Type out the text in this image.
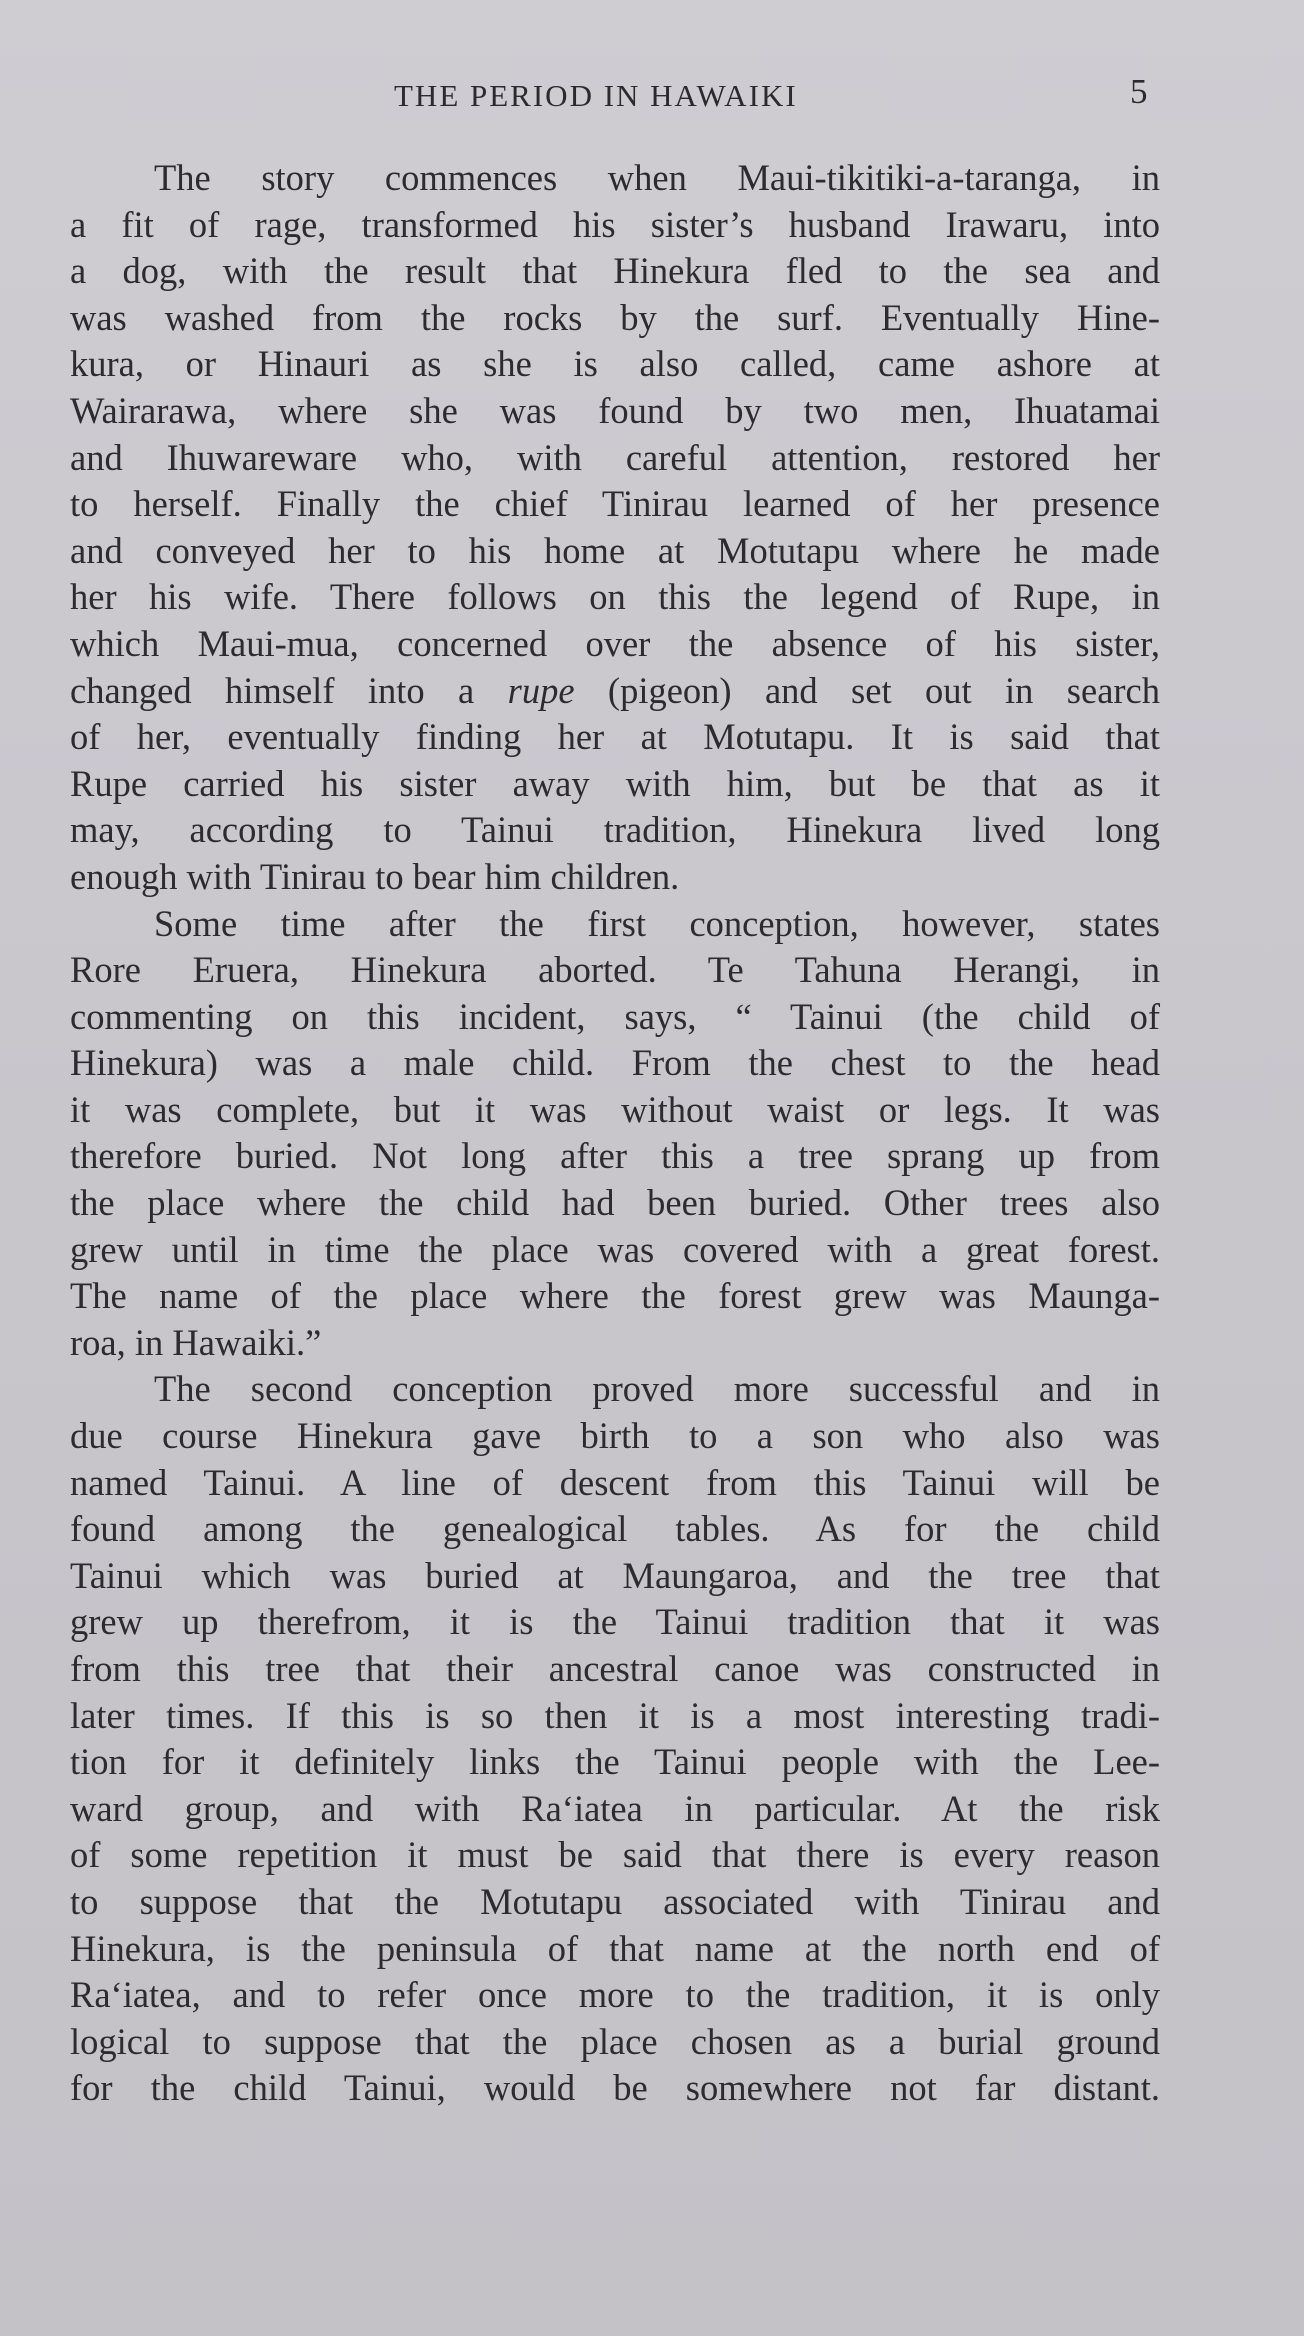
THE PERIOD IN HAWAIKI	5

The story commences when Maui-tikitiki-a-taranga, in
a fit of rage, transformed his sister’s husband Irawaru, into
a dog, with the result that Hinekura fled to the sea and
was washed from the rocks by the surf. Eventually Hine-
kura, or Hinauri as she is also called, came ashore at
Wairarawa, where she was found by two men, Ihuatamai
and Ihuwareware who, with careful attention, restored her
to herself. Finally the chief Tinirau learned of her presence
and conveyed her to his home at Motutapu where he made
her his wife. There follows on this the legend of Rupe, in
which Maui-mua, concerned over the absence of his sister,
changed himself into a rupe (pigeon) and set out in search
of her, eventually finding her at Motutapu. It is said that
Rupe carried his sister away with him, but be that as it
may, according to Tainui tradition, Hinekura lived long
enough with Tinirau to bear him children.

Some time after the first conception, however, states
Rore Eruera, Hinekura aborted. Te Tahuna Herangi, in
commenting on this incident, says, “ Tainui (the child of
Hinekura) was a male child. From the chest to the head
it was complete, but it was without waist or legs. It was
therefore buried. Not long after this a tree sprang up from
the place where the child had been buried. Other trees also
grew until in time the place was covered with a great forest.
The name of the place where the forest grew was Maunga-
roa, in Hawaiki.”

The second conception proved more successful and in
due course Hinekura gave birth to a son who also was
named Tainui. A line of descent from this Tainui will be
found among the genealogical tables. As for the child
Tainui which was buried at Maungaroa, and the tree that
grew up therefrom, it is the Tainui tradition that it was
from this tree that their ancestral canoe was constructed in
later times. If this is so then it is a most interesting tradi-
tion for it definitely links the Tainui people with the Lee-
ward group, and with Ra‘iatea in particular. At the risk
of some repetition it must be said that there is every reason
to suppose that the Motutapu associated with Tinirau and
Hinekura, is the peninsula of that name at the north end of
Ra‘iatea, and to refer once more to the tradition, it is only
logical to suppose that the place chosen as a burial ground
for the child Tainui, would be somewhere not far distant.
